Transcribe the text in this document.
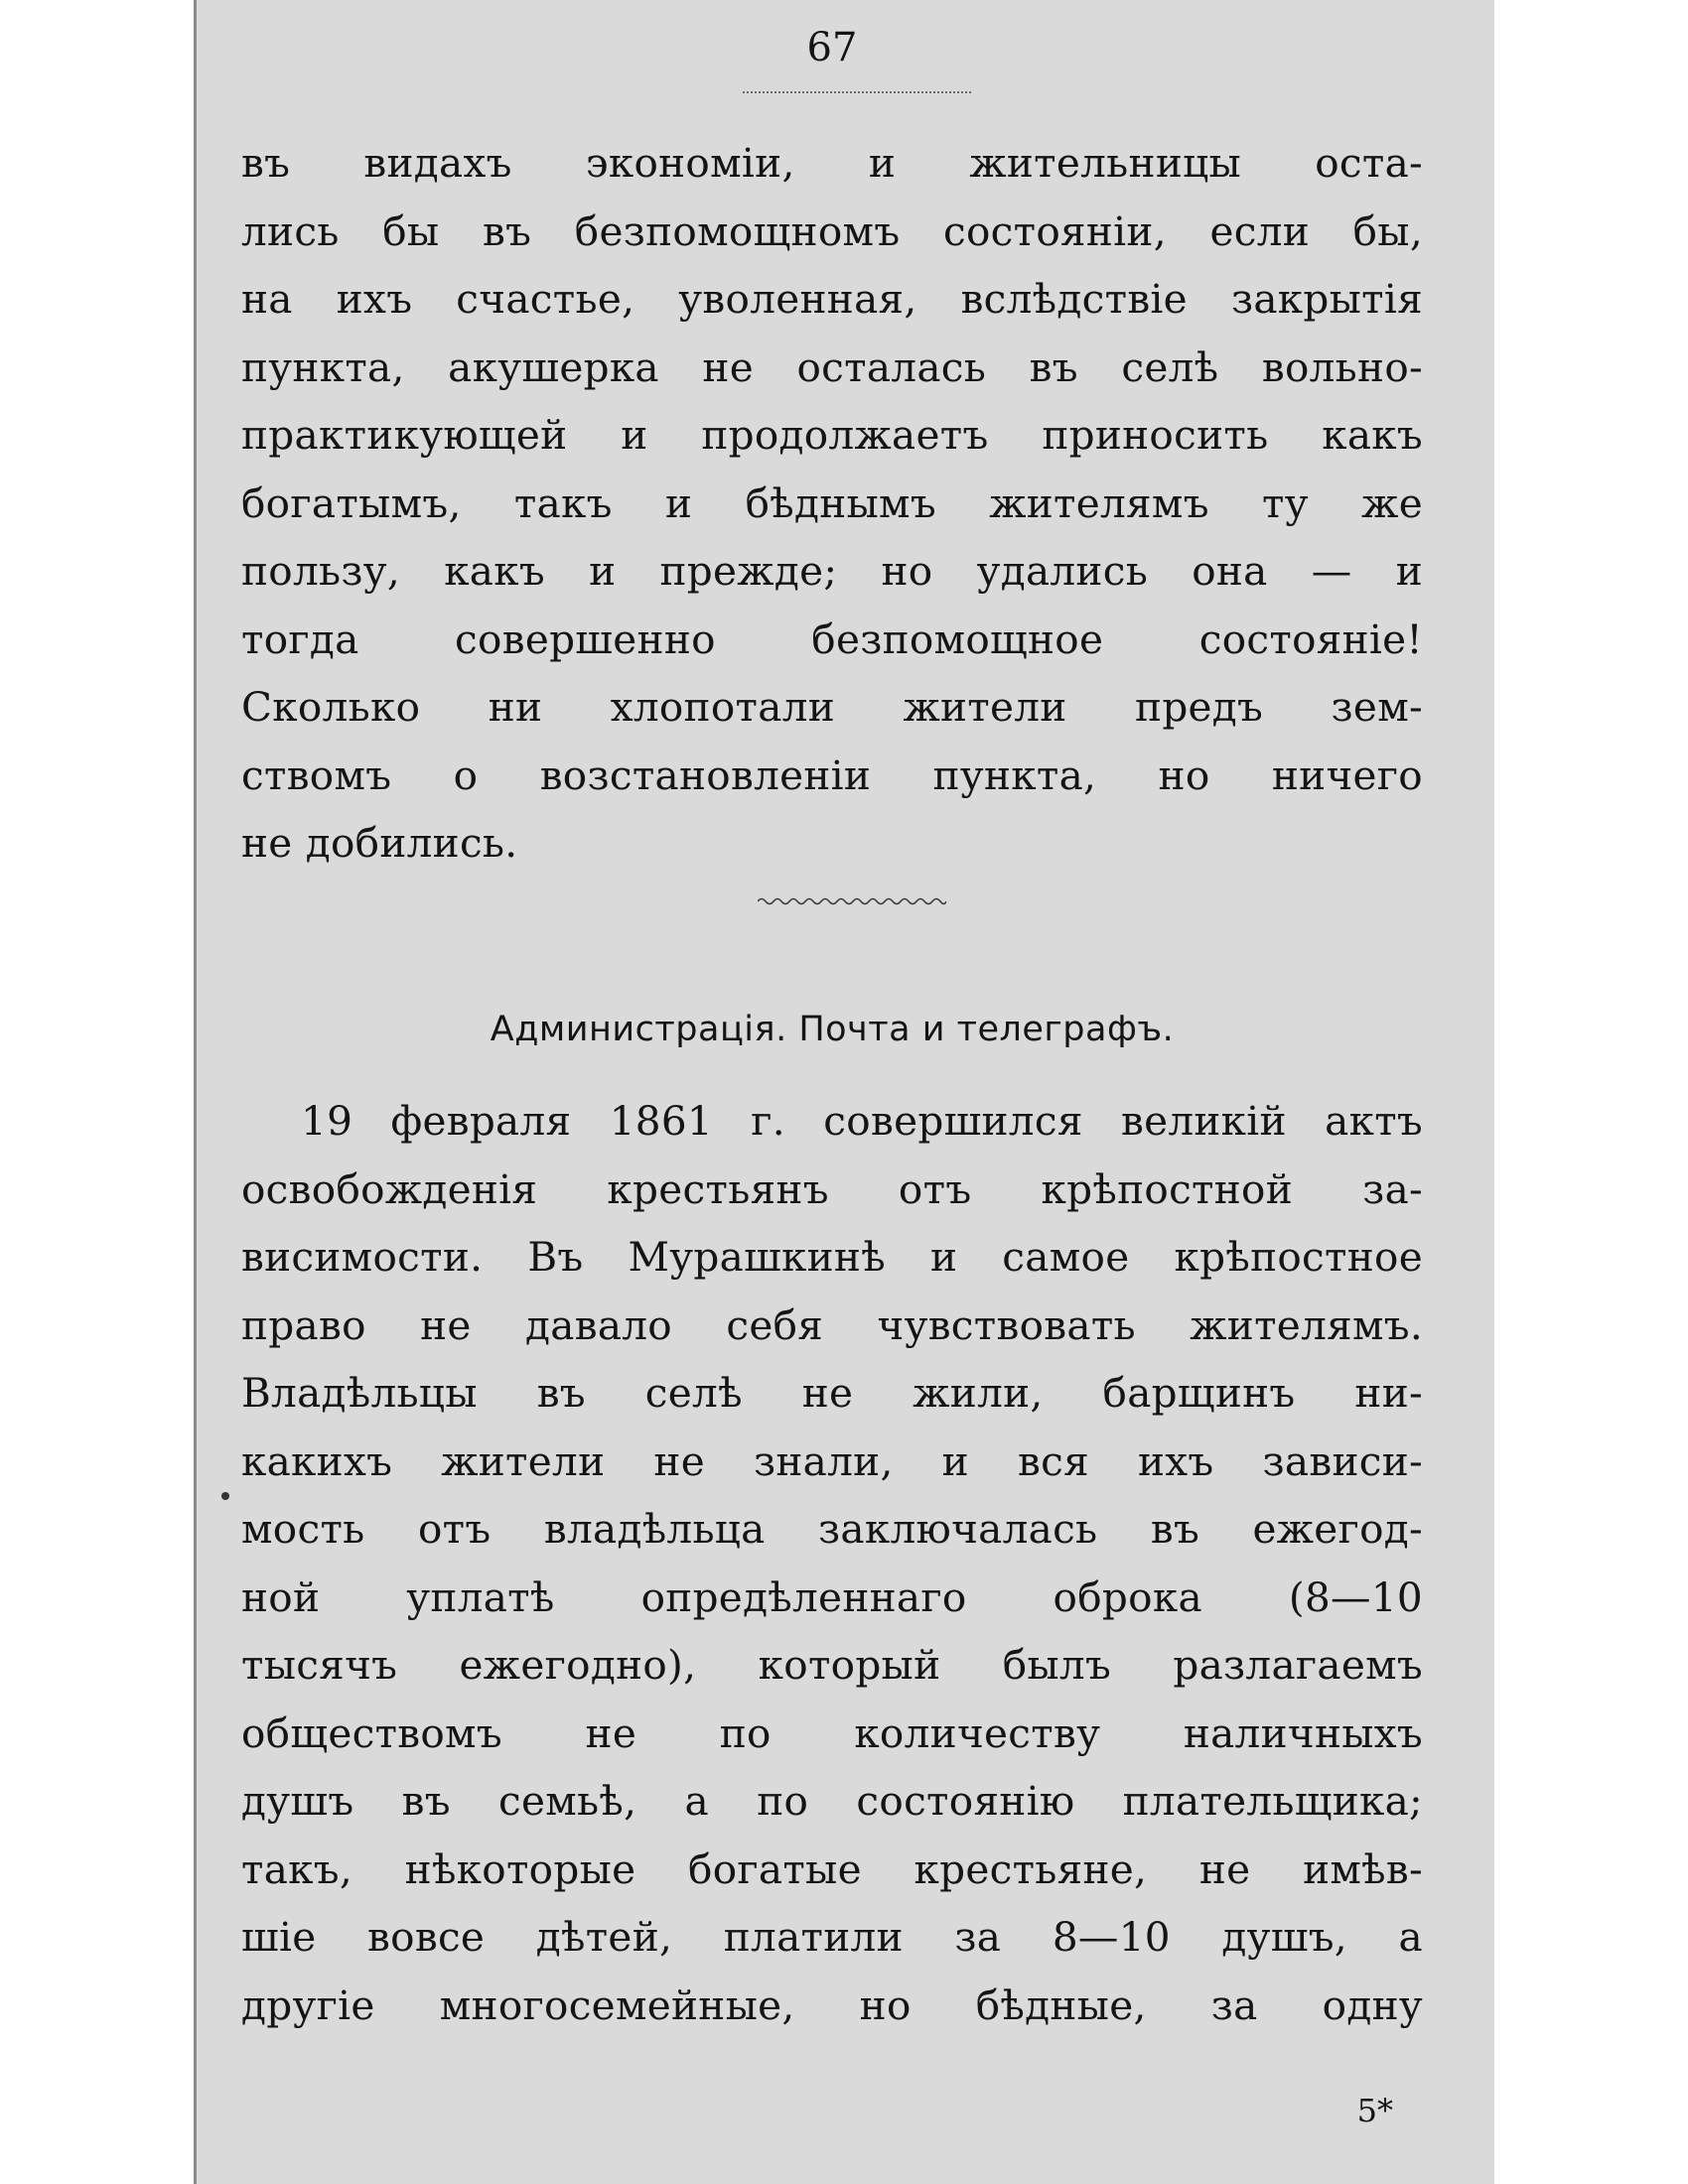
67
въ видахъ экономіи, и жительницы оста-
лись бы въ безпомощномъ состояніи, если бы,
на ихъ счастье, уволенная, вслѣдствіе закрытія
пункта, акушерка не осталась въ селѣ вольно-
практикующей и продолжаетъ приносить какъ
богатымъ, такъ и бѣднымъ жителямъ ту же
пользу, какъ и прежде; но удались она — и
тогда совершенно безпомощное состояніе!
Сколько ни хлопотали жители предъ зем-
ствомъ о возстановленіи пункта, но ничего
не добились.
Администрація. Почта и телеграфъ.
19 февраля 1861 г. совершился великій актъ
освобожденія крестьянъ отъ крѣпостной за-
висимости. Въ Мурашкинѣ и самое крѣпостное
право не давало себя чувствовать жителямъ.
Владѣльцы въ селѣ не жили, барщинъ ни-
какихъ жители не знали, и вся ихъ зависи-
мость отъ владѣльца заключалась въ ежегод-
ной уплатѣ опредѣленнаго оброка (8—10
тысячъ ежегодно), который былъ разлагаемъ
обществомъ не по количеству наличныхъ
душъ въ семьѣ, а по состоянію плательщика;
такъ, нѣкоторые богатые крестьяне, не имѣв-
шіе вовсе дѣтей, платили за 8—10 душъ, а
другіе многосемейные, но бѣдные, за одну
5*
